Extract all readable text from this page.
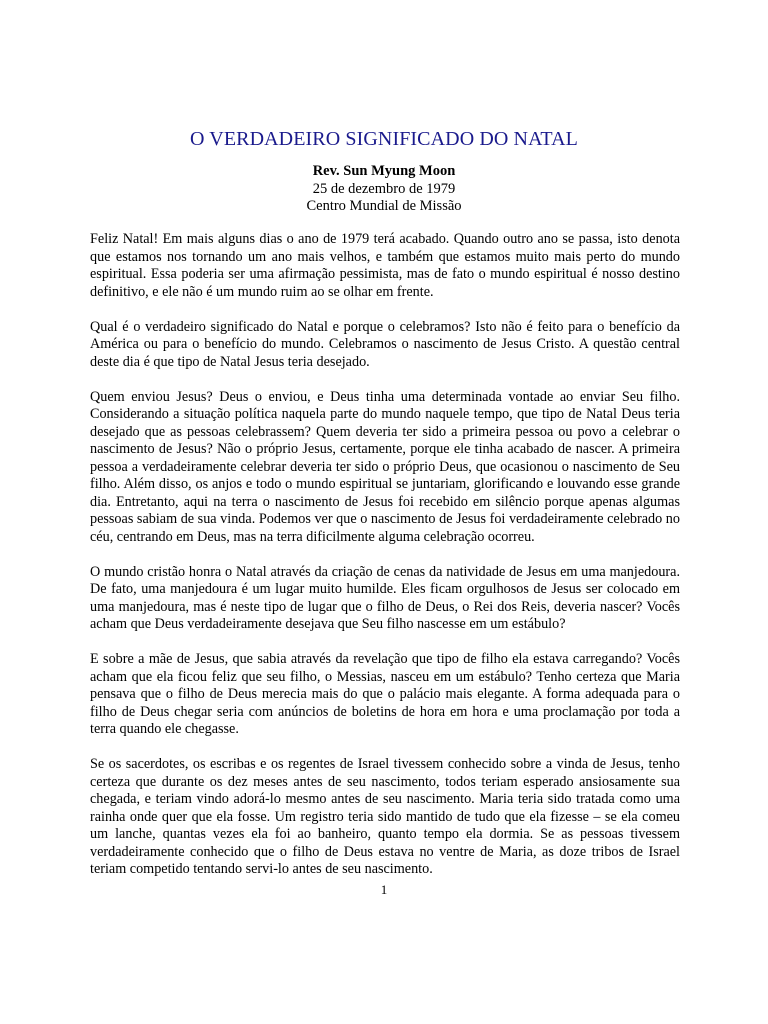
O VERDADEIRO SIGNIFICADO DO NATAL
Rev. Sun Myung Moon
25 de dezembro de 1979
Centro Mundial de Missão

Feliz Natal! Em mais alguns dias o ano de 1979 terá acabado. Quando outro ano se passa, isto denota que estamos nos tornando um ano mais velhos, e também que estamos muito mais perto do mundo espiritual. Essa poderia ser uma afirmação pessimista, mas de fato o mundo espiritual é nosso destino definitivo, e ele não é um mundo ruim ao se olhar em frente.

Qual é o verdadeiro significado do Natal e porque o celebramos? Isto não é feito para o benefício da América ou para o benefício do mundo. Celebramos o nascimento de Jesus Cristo. A questão central deste dia é que tipo de Natal Jesus teria desejado.

Quem enviou Jesus? Deus o enviou, e Deus tinha uma determinada vontade ao enviar Seu filho. Considerando a situação política naquela parte do mundo naquele tempo, que tipo de Natal Deus teria desejado que as pessoas celebrassem? Quem deveria ter sido a primeira pessoa ou povo a celebrar o nascimento de Jesus? Não o próprio Jesus, certamente, porque ele tinha acabado de nascer. A primeira pessoa a verdadeiramente celebrar deveria ter sido o próprio Deus, que ocasionou o nascimento de Seu filho. Além disso, os anjos e todo o mundo espiritual se juntariam, glorificando e louvando esse grande dia. Entretanto, aqui na terra o nascimento de Jesus foi recebido em silêncio porque apenas algumas pessoas sabiam de sua vinda. Podemos ver que o nascimento de Jesus foi verdadeiramente celebrado no céu, centrando em Deus, mas na terra dificilmente alguma celebração ocorreu.

O mundo cristão honra o Natal através da criação de cenas da natividade de Jesus em uma manjedoura. De fato, uma manjedoura é um lugar muito humilde. Eles ficam orgulhosos de Jesus ser colocado em uma manjedoura, mas é neste tipo de lugar que o filho de Deus, o Rei dos Reis, deveria nascer? Vocês acham que Deus verdadeiramente desejava que Seu filho nascesse em um estábulo?

E sobre a mãe de Jesus, que sabia através da revelação que tipo de filho ela estava carregando? Vocês acham que ela ficou feliz que seu filho, o Messias, nasceu em um estábulo? Tenho certeza que Maria pensava que o filho de Deus merecia mais do que o palácio mais elegante. A forma adequada para o filho de Deus chegar seria com anúncios de boletins de hora em hora e uma proclamação por toda a terra quando ele chegasse.

Se os sacerdotes, os escribas e os regentes de Israel tivessem conhecido sobre a vinda de Jesus, tenho certeza que durante os dez meses antes de seu nascimento, todos teriam esperado ansiosamente sua chegada, e teriam vindo adorá-lo mesmo antes de seu nascimento. Maria teria sido tratada como uma rainha onde quer que ela fosse. Um registro teria sido mantido de tudo que ela fizesse – se ela comeu um lanche, quantas vezes ela foi ao banheiro, quanto tempo ela dormia. Se as pessoas tivessem verdadeiramente conhecido que o filho de Deus estava no ventre de Maria, as doze tribos de Israel teriam competido tentando servi-lo antes de seu nascimento.

1
